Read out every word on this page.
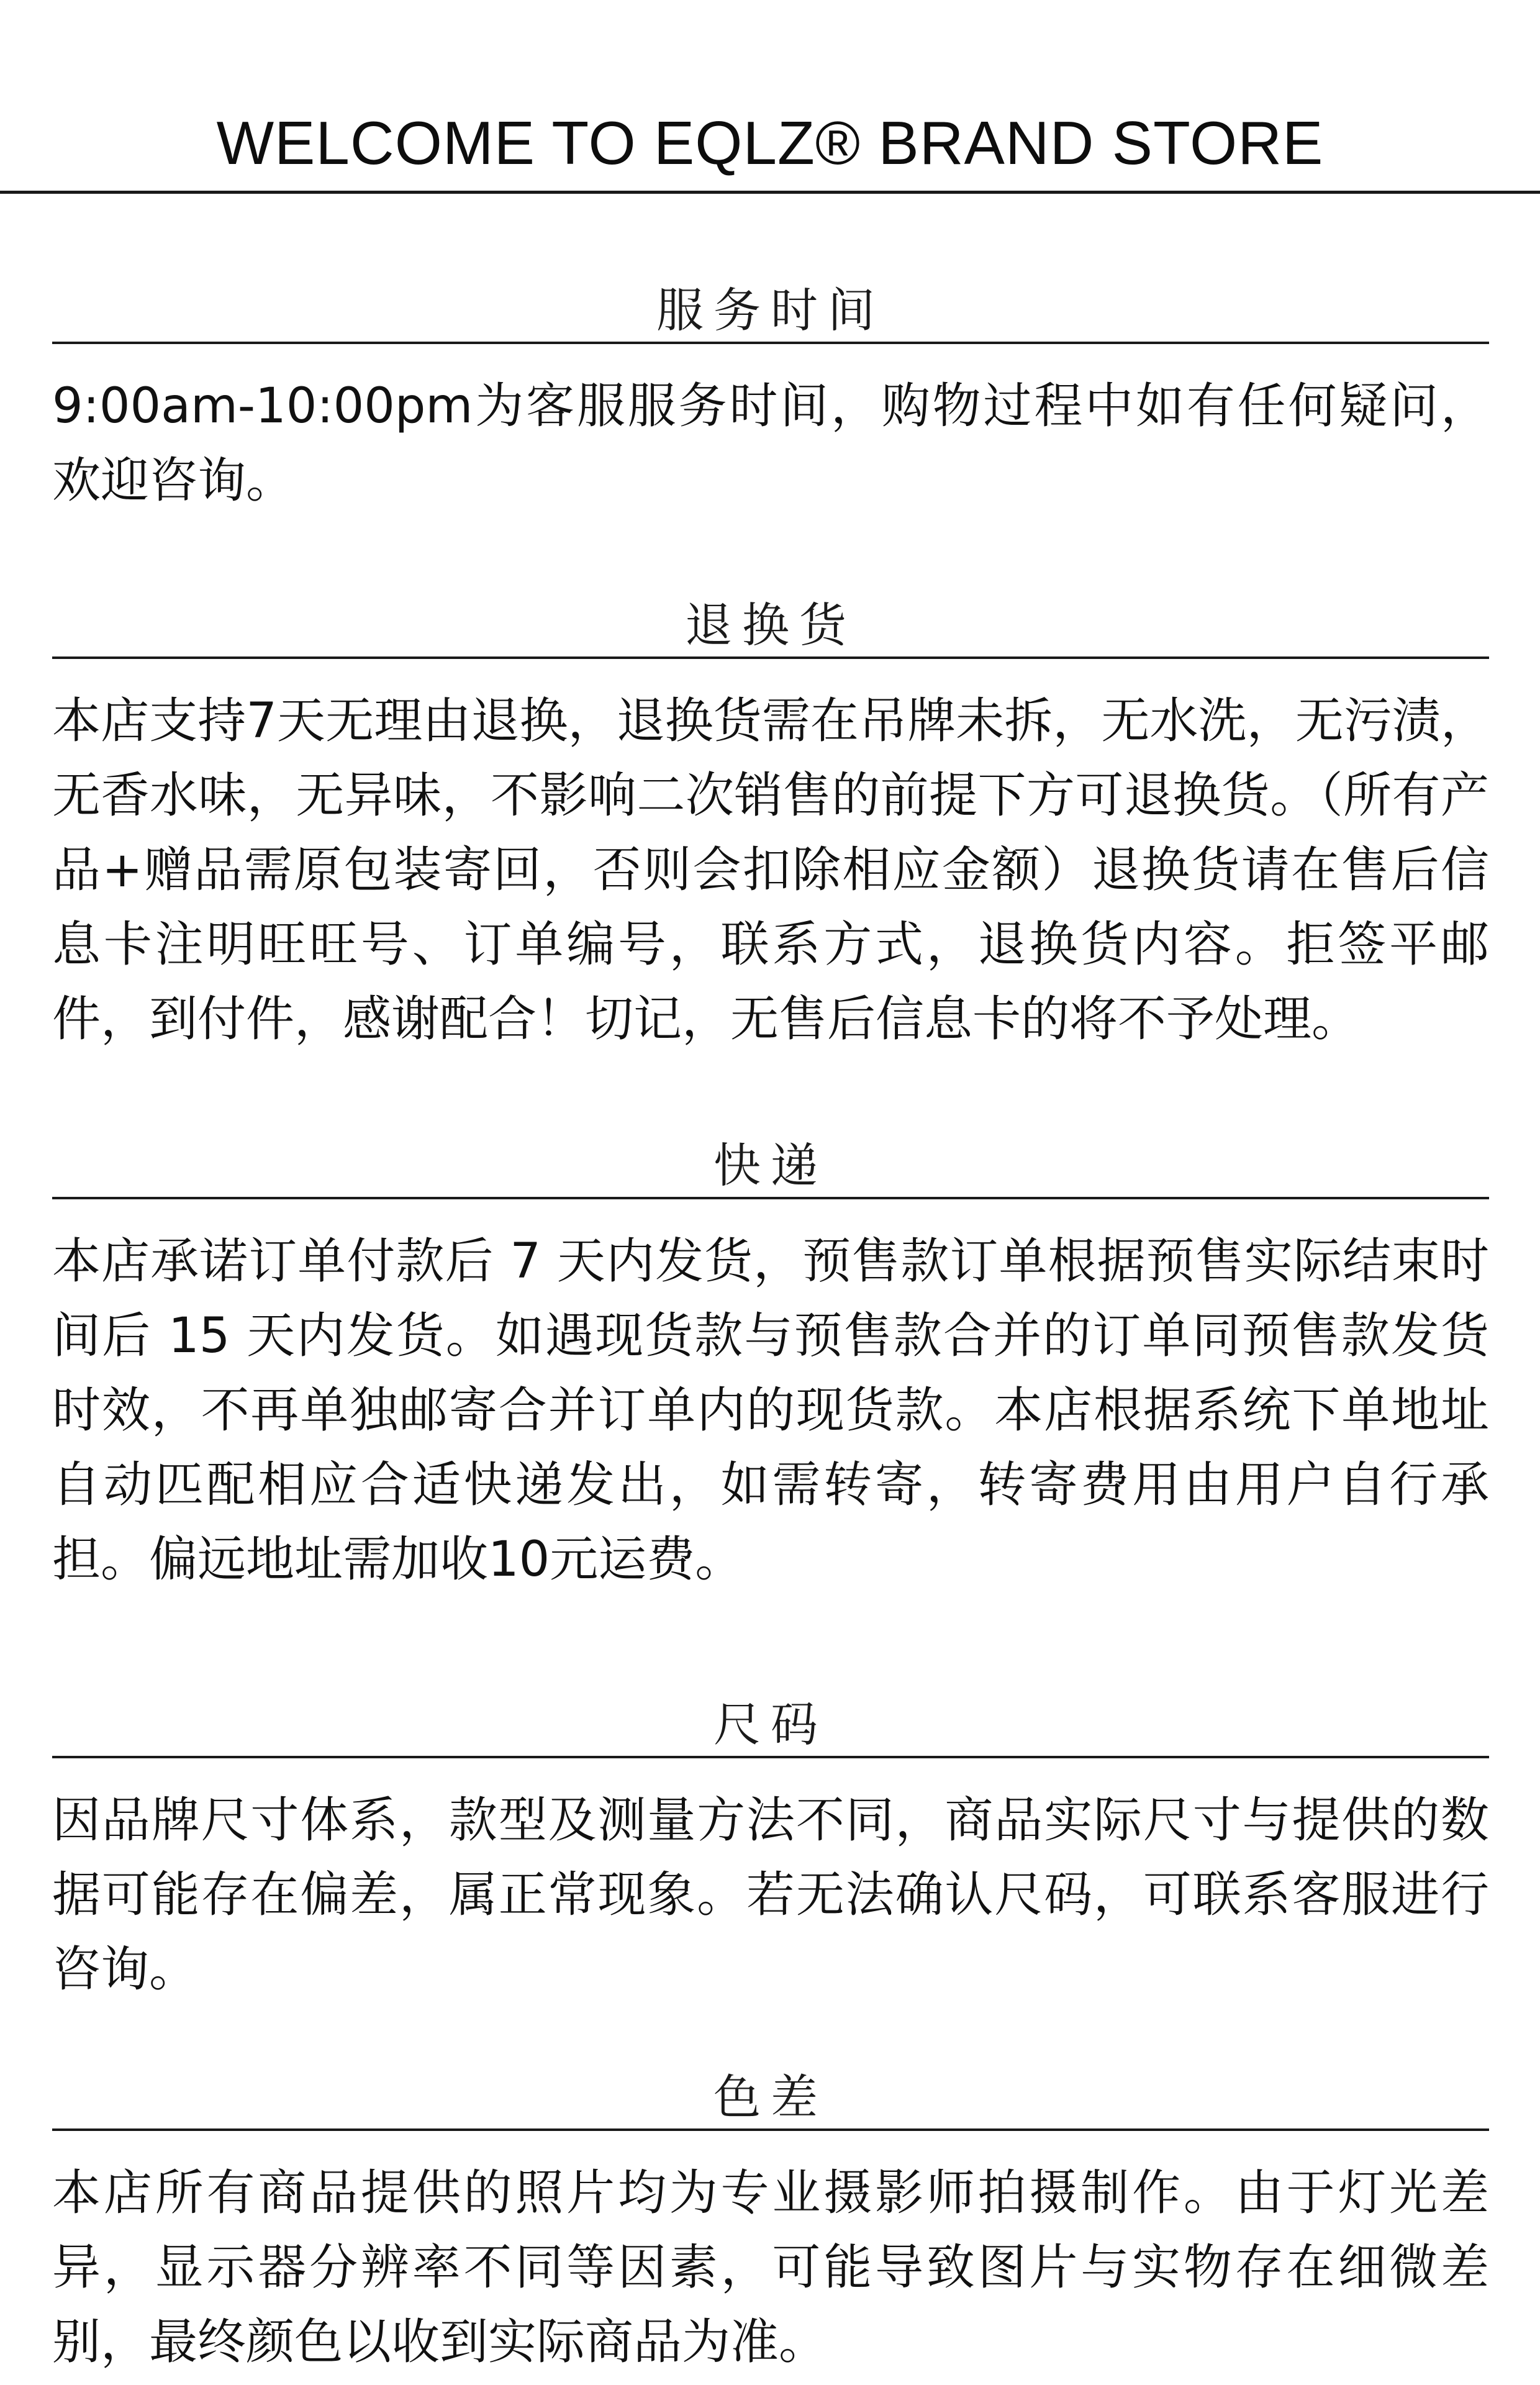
WELCOME TO EQLZ® BRAND STORE
服务时间
9:00am-10:00pm为客服服务时间，购物过程中如有任何疑问，欢迎咨询。
退换货
本店支持7天无理由退换，退换货需在吊牌未拆，无水洗，无污渍，无香水味，无异味，不影响二次销售的前提下方可退换货。（所有产品+赠品需原包装寄回，否则会扣除相应金额）退换货请在售后信息卡注明旺旺号、订单编号，联系方式，退换货内容。拒签平邮件，到付件，感谢配合！切记，无售后信息卡的将不予处理。
快递
本店承诺订单付款后 7 天内发货，预售款订单根据预售实际结束时间后 15 天内发货。如遇现货款与预售款合并的订单同预售款发货时效，不再单独邮寄合并订单内的现货款。本店根据系统下单地址自动匹配相应合适快递发出，如需转寄，转寄费用由用户自行承担。偏远地址需加收10元运费。
尺码
因品牌尺寸体系，款型及测量方法不同，商品实际尺寸与提供的数据可能存在偏差，属正常现象。若无法确认尺码，可联系客服进行咨询。
色差
本店所有商品提供的照片均为专业摄影师拍摄制作。由于灯光差异，显示器分辨率不同等因素，可能导致图片与实物存在细微差别，最终颜色以收到实际商品为准。
